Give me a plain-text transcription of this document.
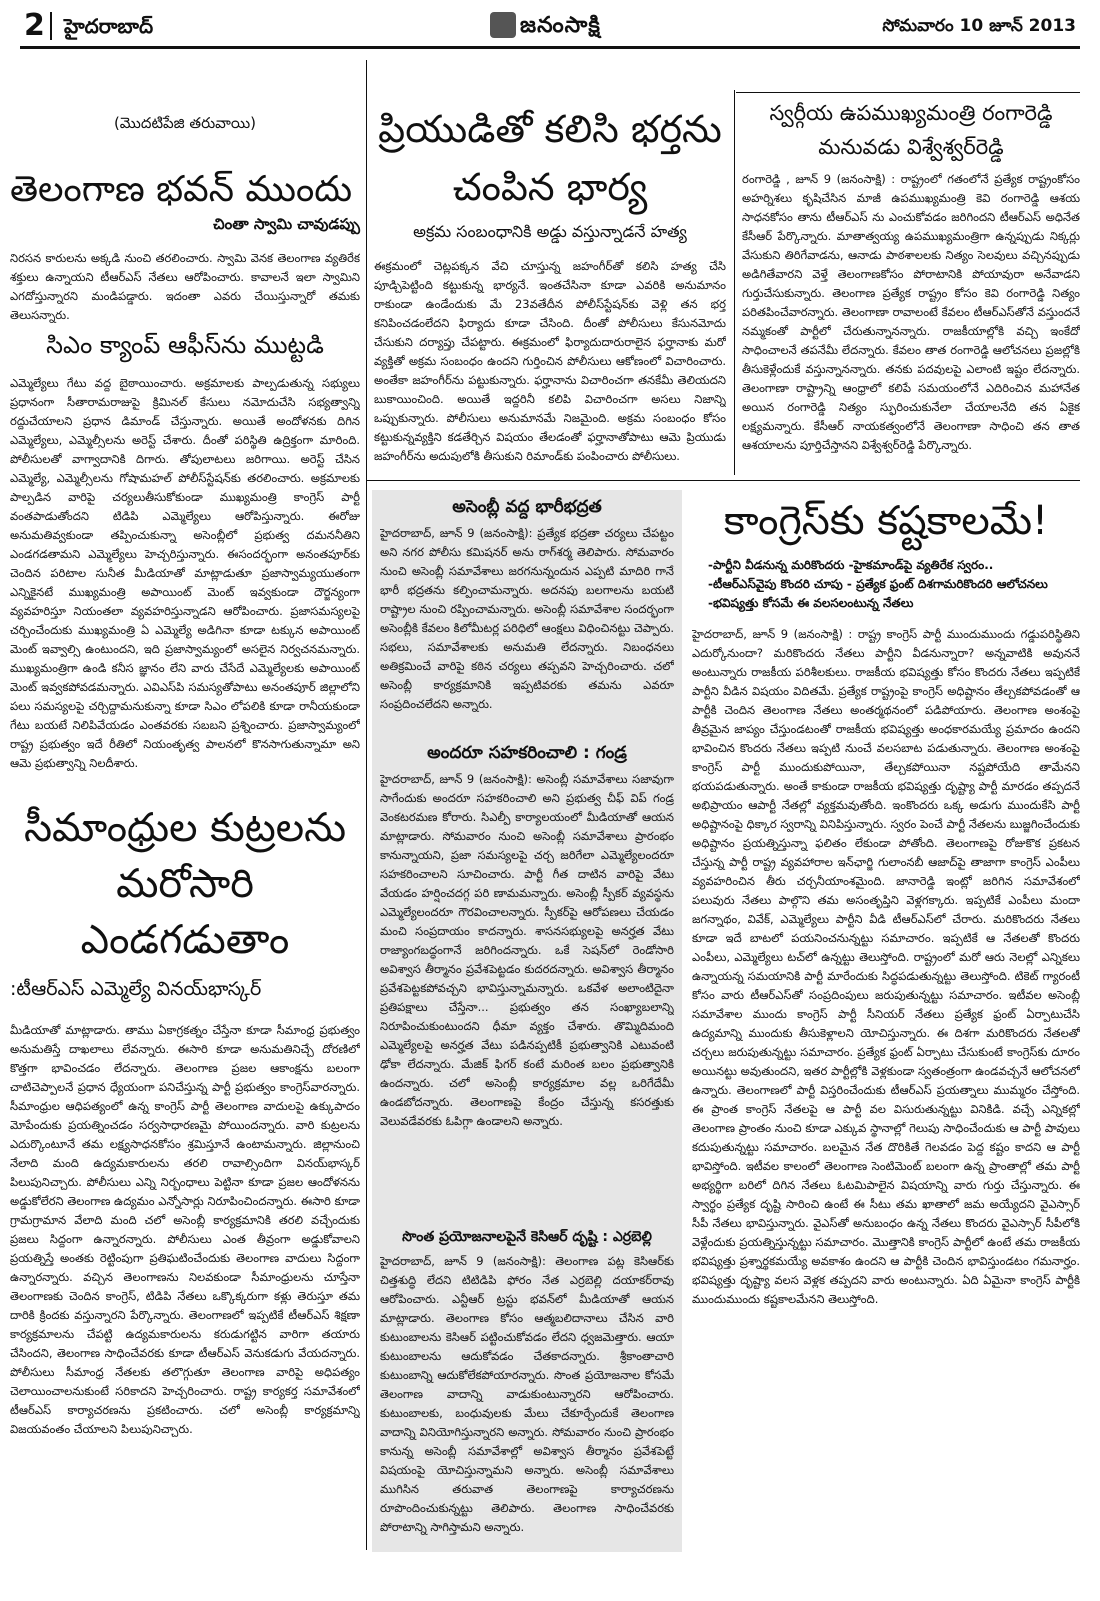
2 హైదరాబాద్	జనంసాక్షి	సోమవారం 10 జూన్ 2013
(మొదటిపేజి తరువాయి)
తెలంగాణ భవన్ ముందు
చింతా స్వామి చావుడప్పు

నిరసన కారులను అక్కడి నుంచి తరలించారు. స్వామి వెనక తెలంగాణ వ్యతిరేక శక్తులు ఉన్నాయని టీఆర్ఎస్ నేతలు ఆరోపించారు. కావాలనే ఇలా స్వామిని ఎగదోస్తున్నారని మండిపడ్డారు. ఇదంతా ఎవరు చేయిస్తున్నారో తమకు తెలుసన్నారు.

సిఎం క్యాంప్ ఆఫీస్‌ను ముట్టడి

ఎమ్మెల్యేలు గేటు వద్ద బైఠాయించారు. అక్రమాలకు పాల్పడుతున్న సభ్యులు ప్రధానంగా సీతారామరాజుపై క్రిమినల్ కేసులు నమోదుచేసి సభ్యత్వాన్ని రద్దుచేయాలని ప్రధాన డిమాండ్ చేస్తున్నారు. అయితే అందోళనకు దిగిన ఎమ్మెల్యేలు, ఎమ్మెల్సీలను అరెస్ట్ చేశారు. దీంతో పరిస్థితి ఉద్రిక్తంగా మారింది. పోలీసులతో వాగ్వాదానికి దిగారు. తోపులాటలు జరిగాయి. అరెస్ట్ చేసిన ఎమ్మెల్యే, ఎమ్మెల్సీలను గోషామహల్ పోలీస్‌స్టేషన్‌కు తరలించారు. అక్రమాలకు పాల్పడిన వారిపై చర్యలుతీసుకోకుండా ముఖ్యమంత్రి కాంగ్రెస్ పార్టీ వంతపాడుతోందని టిడిపి ఎమ్మెల్యేలు ఆరోపిస్తున్నారు. ఈరోజు అనుమతివ్వకుండా తప్పించుకున్నా అసెంబ్లీలో ప్రభుత్వ దమననీతిని ఎండగడతామని ఎమ్మెల్యేలు హెచ్చరిస్తున్నారు. ఈసందర్భంగా అనంతపూర్‌కు చెందిన పరిటాల సునీత మీడియాతో మాట్లాడుతూ ప్రజాస్వామ్యయుతంగా ఎన్నికైనటే ముఖ్యమంత్రి అపాయింట్ మెంట్ ఇవ్వకుండా దౌర్జన్యంగా వ్యవహరిస్తూ నియంతలా వ్యవహరిస్తున్నాడని ఆరోపించారు. ప్రజాసమస్యలపై చర్చించేందుకు ముఖ్యమంత్రి ఏ ఎమ్మెల్యే అడిగినా కూడా టక్కున అపాయింట్ మెంట్ ఇవ్వాల్సి ఉంటుందని, ఇది ప్రజాస్వామ్యంలో అసలైన నిర్వచనమన్నారు. ముఖ్యమంత్రిగా ఉండి కనీస జ్ఞానం లేని వారు చేసేదే ఎమ్మెల్యేలకు అపాయింట్ మెంట్ ఇవ్వకపోవడమన్నారు. ఎవిఎస్‌పి సమస్యతోపాటు అనంతపూర్ జిల్లాలోని పలు సమస్యలపై చర్చిద్దామనుకున్నా కూడా సిఎం లోపలికి కూడా రానీయకుండా గేటు బయటే నిలిపివేయడం ఎంతవరకు సబబని ప్రశ్నించారు. ప్రజాస్వామ్యంలో రాష్ట్ర ప్రభుత్వం ఇదే రీతిలో నియంతృత్వ పాలనలో కొనసాగుతున్నామా అని ఆమె ప్రభుత్వాన్ని నిలదీశారు.

సీమాంధ్రుల కుట్రలను మరోసారి ఎండగడుతాం
:టీఆర్ఎస్ ఎమ్మెల్యే వినయ్‌భాస్కర్

మీడియాతో మాట్లాడారు. తాము ఏకాగ్రకత్నం చేస్తేనా కూడా సీమాంధ్ర ప్రభుత్వం అనుమతిస్తే దాఖలాలు లేవన్నారు. ఈసారి కూడా అనుమతినిచ్చే దోరణిలో కొత్తగా భావించడం లేదన్నారు. తెలంగాణ ప్రజల ఆకాంక్షను బలంగా చాటిచెప్పాలనే ప్రధాన ధ్యేయంగా పనిచేస్తున్న పార్టీ ప్రభుత్వం కాంగ్రెస్‌వారన్నారు. సీమాంధ్రుల ఆధిపత్యంలో ఉన్న కాంగ్రెస్ పార్టీ తెలంగాణ వాదులపై ఉక్కుపాదం మోపేందుకు ప్రయత్నించడం సర్వసాధారణమై పోయిందన్నారు. వారి కుట్రలను ఎదుర్కొంటూనే తమ లక్ష్యసాధనకోసం శ్రమిస్తూనే ఉంటామన్నారు. జిల్లానుంచి నేలాది మంది ఉద్యమకారులను తరలి రావాల్సిందిగా వినయ్‌భాస్కర్ పిలుపునిచ్చారు. పోలీసులు ఎన్ని నిర్బంధాలు పెట్టినా కూడా ప్రజల ఆందోళనను అడ్డుకోలేరని తెలంగాణ ఉద్యమం ఎన్నోసార్లు నిరూపించిందన్నారు. ఈసారి కూడా గ్రామగ్రామాన వేలాది మంది చలో అసెంబ్లీ కార్యక్రమానికి తరలి వచ్చేందుకు ప్రజలు సిద్దంగా ఉన్నారన్నారు. పోలీసులు ఎంత తీవ్రంగా అడ్డుకోవాలని ప్రయత్నిస్తే అంతకు రెట్టింపుగా ప్రతిఘటించేందుకు తెలంగాణ వాదులు సిద్దంగా ఉన్నారన్నారు. వచ్చిన తెలంగాణను నిలవకుండా సీమాంధ్రులను చూస్తేనా తెలంగాణకు చెందిన కాంగ్రెస్, టిడిపి నేతలు ఒక్కొక్కరుగా కళ్లు తెరుస్తూ తమ దారికి క్రిందకు వస్తున్నారని పేర్కొన్నారు. తెలంగాణలో ఇప్పటికే టీఆర్ఎస్ శిక్షణా కార్యక్రమాలను చేపట్టి ఉద్యమకారులను కరుడుగట్టిన వారిగా తయారు చేసిందని, తెలంగాణ సాధించేవరకు కూడా టీఆర్ఎస్ వెనుకడుగు వేయదన్నారు. పోలీసులు సీమాంధ్ర నేతలకు తలొగ్గుతూ తెలంగాణ వారిపై అధిపత్యం చెలాయించాలనుకుంటే సరికాదని హెచ్చరించారు. రాష్ట్ర కార్యకర్త సమావేశంలో టీఆర్ఎస్ కార్యాచరణను ప్రకటించారు. చలో అసెంబ్లీ కార్యక్రమాన్ని విజయవంతం చేయాలని పిలుపునిచ్చారు.

ప్రియుడితో కలిసి భర్తను చంపిన భార్య
అక్రమ సంబంధానికి అడ్డు వస్తున్నాడనే హత్య

ఈక్రమంలో చెట్లపక్కన వేచి చూస్తున్న జహంగీర్‌తో కలిసి హత్య చేసి పూడ్చిపెట్టింది కట్టుకున్న భార్యనే. ఇంతచేసినా కూడా ఎవరికి అనుమానం రాకుండా ఉండేందుకు మే 23వతేదీన పోలీస్‌స్టేషన్‌కు వెళ్లి తన భర్త కనిపించడంలేదని ఫిర్యాదు కూడా చేసింది. దీంతో పోలీసులు కేసునమోదు చేసుకుని దర్యాప్తు చేపట్టారు. ఈక్రమంలో ఫిర్యాదుదారురాలైన ఫర్హానాకు మరో వ్యక్తితో అక్రమ సంబంధం ఉందని గుర్తించిన పోలీసులు ఆకోణంలో విచారించారు. అంతేకా జహంగీర్‌ను పట్టుకున్నారు. ఫర్హానాను విచారించగా తనకేమీ తెలియదని బుకాయించింది. అయితే ఇద్దరినీ కలిపి విచారించగా అసలు నిజాన్ని ఒప్పుకున్నారు. పోలీసులు అనుమానమే నిజమైంది. అక్రమ సంబంధం కోసం కట్టుకున్నవ్యక్తిని కడతేర్చిన విషయం తేలడంతో ఫర్హానాతోపాటు ఆమె ప్రియుడు జహంగీర్‌ను అదుపులోకి తీసుకుని రిమాండ్‌కు పంపించారు పోలీసులు.

స్వర్గీయ ఉపముఖ్యమంత్రి రంగారెడ్డి మనువడు విశ్వేశ్వర్‌రెడ్డి

రంగారెడ్డి , జూన్ 9 (జనంసాక్షి) : రాష్ట్రంలో గతంలోనే ప్రత్యేక రాష్ట్రంకోసం అహర్నిశలు కృషిచేసిన మాజీ ఉపముఖ్యమంత్రి కెవి రంగారెడ్డి ఆశయ సాధనకోసం తాను టీఆర్ఎస్ ను ఎంచుకోవడం జరిగిందని టీఆర్ఎస్ అధినేత కేసీఆర్ పేర్కొన్నారు. మాతాత్వయ్య ఉపముఖ్యమంత్రిగా ఉన్నప్పుడు నిక్కర్లు వేసుకుని తిరిగేవాడను, ఆనాడు పాఠశాలలకు నిత్యం సెలవులు వచ్చినప్పుడు అడిగితేవారని వెళ్తే తెలంగాణకోసం పోరాటానికి పోయావురా అనేవాడని గుర్తుచేసుకున్నారు. తెలంగాణ ప్రత్యేక రాష్ట్రం కోసం కెవి రంగారెడ్డి నిత్యం పరితపించేవారన్నారు. తెలంగాణా రావాలంటే కేవలం టీఆర్ఎస్‌తోనే వస్తుందనే నమ్మకంతో పార్టీలో చేరుతున్నానన్నారు. రాజకీయాల్లోకి వచ్చి ఇంకేదో సాధించాలనే తపనేమీ లేదన్నారు. కేవలం తాత రంగారెడ్డి ఆలోచనలు ప్రజల్లోకి తీసుకెళ్లేందుకే వస్తున్నానన్నారు. తనకు పదవులపై ఎలాంటి ఇష్టం లేదన్నారు. తెలంగాణా రాష్ట్రాన్ని ఆంధ్రాలో కలిపే సమయంలోనే ఎదిరించిన మహానేత అయిన రంగారెడ్డి నిత్యం స్ఫురించుకునేలా చేయాలనేది తన ఏకైక లక్ష్యమన్నారు. కేసీఆర్ నాయకత్వంలోనే తెలంగాణా సాధించి తన తాత ఆశయాలను పూర్తిచేస్తానని విశ్వేశ్వర్‌రెడ్డి పేర్కొన్నారు.

అసెంబ్లీ వద్ద భారీభద్రత

హైదరాబాద్, జూన్ 9 (జనంసాక్షి): ప్రత్యేక భద్రతా చర్యలు చేపట్టం అని నగర పోలీసు కమిషనర్ అను రాగ్‌శర్మ తెలిపారు. సోమవారం నుంచి అసెంబ్లీ సమావేశాలు జరగనున్నందున ఎప్పటి మాదిరి గానే భారీ భద్రతను కల్పించామన్నారు. అదనపు బలగాలను బయటి రాష్ట్రాల నుంచి రప్పించామన్నారు. అసెంబ్లీ సమావేశాల సందర్భంగా అసెంబ్లీకి కేవలం కిలోమీటర్ల పరిధిలో ఆంక్షలు విధించినట్టు చెప్పారు. సభలు, సమావేశాలకు అనుమతి లేదన్నారు. నిబంధనలు అతిక్రమించే వారిపై కఠిన చర్యలు తప్పవని హెచ్చరించారు. చలో అసెంబ్లీ కార్యక్రమానికి ఇప్పటివరకు తమను ఎవరూ సంప్రదించలేదని అన్నారు.

అందరూ సహకరించాలి : గండ్ర

హైదరాబాద్, జూన్ 9 (జనంసాక్షి): అసెంబ్లీ సమావేశాలు సజావుగా సాగేందుకు అందరూ సహకరించాలి అని ప్రభుత్వ చీఫ్ విప్ గండ్ర వెంకటరమణ కోరారు. సిఎల్పీ కార్యాలయంలో మీడియాతో ఆయన మాట్లాడారు. సోమవారం నుంచి అసెంబ్లీ సమావేశాలు ప్రారంభం కానున్నాయని, ప్రజా సమస్యలపై చర్చ జరిగేలా ఎమ్మెల్యేలందరూ సహకరించాలని సూచించారు. పార్టీ గీత దాటిన వారిపై వేటు వేయడం హర్షించదగ్గ పరి ణామమన్నారు. అసెంబ్లీ స్పీకర్ వ్యవస్థను ఎమ్మెల్యేలందరూ గౌరవించాలన్నారు. స్పీకర్‌పై ఆరోపణలు చేయడం మంచి సంప్రదాయం కాదన్నారు. శాసనసభ్యులపై అనర్హత వేటు రాజ్యాంగబద్ధంగానే జరిగిందన్నారు. ఒకే సెషన్‌లో రెండోసారి అవిశ్వాస తీర్మానం ప్రవేశపెట్టడం కుదరదన్నారు. అవిశ్వాస తీర్మానం ప్రవేశపెట్టకపోవచ్చని భావిస్తున్నామన్నారు. ఒకవేళ అలాంటిదైనా ప్రతిపక్షాలు చేస్తేనా... ప్రభుత్వం తన సంఖ్యాబలాన్ని నిరూపించుకుంటుందని ధీమా వ్యక్తం చేశారు. తొమ్మిదిమంది ఎమ్మెల్యేలపై అనర్హత వేటు పడినప్పటికీ ప్రభుత్వానికి ఎటువంటి ఢోకా లేదన్నారు. మేజిక్ ఫిగర్ కంటే మరింత బలం ప్రభుత్వానికి ఉందన్నారు. చలో అసెంబ్లీ కార్యక్రమాల వల్ల ఒరిగేదేమీ ఉండబోదన్నారు. తెలంగాణపై కేంద్రం చేస్తున్న కసరత్తుకు వెలువడేవరకు ఓపిగ్గా ఉండాలని అన్నారు.

సొంత ప్రయోజనాలపైనే కెసిఆర్ దృష్టి : ఎర్రబెల్లి

హైదరాబాద్, జూన్ 9 (జనంసాక్షి): తెలంగాణ పట్ల కెసిఆర్‌కు చిత్తశుద్ధి లేదని టిటిడిపి ఫోరం నేత ఎర్రబెల్లి దయాకర్‌రావు ఆరోపించారు. ఎన్టీఆర్ ట్రస్టు భవన్‌లో మీడియాతో ఆయన మాట్లాడారు. తెలంగాణ కోసం ఆత్మబలిదానాలు చేసిన వారి కుటుంబాలను కెసిఆర్ పట్టించుకోవడం లేదని ధ్వజమెత్తారు. ఆయా కుటుంబాలను ఆదుకోవడం చేతకాదన్నారు. శ్రీకాంతాచారి కుటుంబాన్ని ఆదుకోలేకపోయారన్నారు. సొంత ప్రయోజనాల కోసమే తెలంగాణ వాదాన్ని వాడుకుంటున్నారని ఆరోపించారు. కుటుంబాలకు, బంధువులకు మేలు చేకూర్చేందుకే తెలంగాణ వాదాన్ని వినియోగిస్తున్నారని అన్నారు. సోమవారం నుంచి ప్రారంభం కానున్న అసెంబ్లీ సమావేశాల్లో అవిశ్వాస తీర్మానం ప్రవేశపెట్టే విషయంపై యోచిస్తున్నామని అన్నారు. అసెంబ్లీ సమావేశాలు ముగిసిన తరువాత తెలంగాణపై కార్యాచరణను రూపొందించుకున్నట్టు తెలిపారు. తెలంగాణ సాధించేవరకు పోరాటాన్ని సాగిస్తామని అన్నారు.

కాంగ్రెస్‌కు కష్టకాలమే!
-పార్టీని వీడనున్న మరికొందరు -హైకమాండ్‌పై వ్యతిరేక స్వరం..
-టీఆర్ఎస్‌వైపు కొందరి చూపు - ప్రత్యేక ఫ్రంట్ దిశగామరికొందరి ఆలోచనలు
-భవిష్యత్తు కోసమే ఈ వలసలంటున్న నేతలు

హైదరాబాద్, జూన్ 9 (జనంసాక్షి) : రాష్ట్ర కాంగ్రెస్ పార్టీ ముందుముందు గడ్డుపరిస్థితిని ఎదుర్కోనుందా? మరికొందరు నేతలు పార్టీని వీడనున్నారా? అన్నవాటికి అవుననే అంటున్నారు రాజకీయ పరిశీలకులు. రాజకీయ భవిష్యత్తు కోసం కొందరు నేతలు ఇప్పటికే పార్టీని వీడిన విషయం విదితమే. ప్రత్యేక రాష్ట్రంపై కాంగ్రెస్ అధిష్టానం తేల్చకపోవడంతో ఆ పార్టీకి చెందిన తెలంగాణ నేతలు అంతర్మథనంలో పడిపోయారు. తెలంగాణ అంశంపై తీవ్రమైన జాప్యం చేస్తుండటంతో రాజకీయ భవిష్యత్తు అంధకారమయ్యే ప్రమాదం ఉందని భావించిన కొందరు నేతలు ఇప్పటి నుంచే వలసబాట పడుతున్నారు. తెలంగాణ అంశంపై కాంగ్రెస్ పార్టీ ముందుకుపోయినా, తేల్చకపోయినా నష్టపోయేది తామేనని భయపడుతున్నారు. అంతే కాకుండా రాజకీయ భవిష్యత్తు దృష్ట్యా పార్టీ మారడం తప్పదనే అభిప్రాయం ఆపార్టీ నేతల్లో వ్యక్తమవుతోంది. ఇంకొందరు ఒక్క అడుగు ముందుకేసి పార్టీ అధిష్టానంపై ధిక్కార స్వరాన్ని వినిపిస్తున్నారు. స్వరం పెంచే పార్టీ నేతలను బుజ్జగించేందుకు అధిష్టానం ప్రయత్నిస్తున్నా ఫలితం లేకుండా పోతోంది. తెలంగాణపై రోజుకొక ప్రకటన చేస్తున్న పార్టీ రాష్ట్ర వ్యవహారాల ఇన్‌ఛార్జి గులాంనబీ ఆజాద్‌పై తాజాగా కాంగ్రెస్ ఎంపీలు వ్యవహరించిన తీరు చర్చనీయాంశమైంది. జానారెడ్డి ఇంట్లో జరిగిన సమావేశంలో పలువురు నేతలు పాల్గొని తమ అసంతృప్తిని వెళ్లగక్కారు. ఇప్పటికే ఎంపీలు మందా జగన్నాథం, వివేక్, ఎమ్మెల్యేలు పార్టీని వీడి టీఆర్ఎస్‌లో చేరారు. మరికొందరు నేతలు కూడా ఇదే బాటలో పయనించనున్నట్టు సమాచారం. ఇప్పటికే ఆ నేతలతో కొందరు ఎంపీలు, ఎమ్మెల్యేలు టచ్‌లో ఉన్నట్టు తెలుస్తోంది. రాష్ట్రంలో మరో ఆరు నెలల్లో ఎన్నికలు ఉన్నాయన్న సమయానికి పార్టీ మారేందుకు సిద్ధపడుతున్నట్టు తెలుస్తోంది. టికెట్ గ్యారంటీ కోసం వారు టీఆర్ఎస్‌తో సంప్రదింపులు జరుపుతున్నట్టు సమాచారం. ఇటీవల అసెంబ్లీ సమావేశాల ముందు కాంగ్రెస్ పార్టీ సీనియర్ నేతలు ప్రత్యేక ఫ్రంట్ ఏర్పాటుచేసి ఉద్యమాన్ని ముందుకు తీసుకెళ్లాలని యోచిస్తున్నారు. ఈ దిశగా మరికొందరు నేతలతో చర్చలు జరుపుతున్నట్టు సమాచారం. ప్రత్యేక ఫ్రంట్ ఏర్పాటు చేసుకుంటే కాంగ్రెస్‌కు దూరం అయినట్టు అవుతుందని, ఇతర పార్టీల్లోకి వెళ్లకుండా స్వతంత్రంగా ఉండవచ్చనే ఆలోచనలో ఉన్నారు. తెలంగాణలో పార్టీ విస్తరించేందుకు టీఆర్ఎస్ ప్రయత్నాలు ముమ్మరం చేస్తోంది. ఈ ప్రాంత కాంగ్రెస్ నేతలపై ఆ పార్టీ వల విసురుతున్నట్టు వినికిడి. వచ్చే ఎన్నికల్లో తెలంగాణ ప్రాంతం నుంచి కూడా ఎక్కువ స్థానాల్లో గెలుపు సాధించేందుకు ఆ పార్టీ పావులు కదుపుతున్నట్టు సమాచారం. బలమైన నేత దొరికితే గెలవడం పెద్ద కష్టం కాదని ఆ పార్టీ భావిస్తోంది. ఇటీవల కాలంలో తెలంగాణ సెంటిమెంట్ బలంగా ఉన్న ప్రాంతాల్లో తమ పార్టీ అభ్యర్థిగా బరిలో దిగిన నేతలు ఓటమిపాలైన విషయాన్ని వారు గుర్తు చేస్తున్నారు. ఈ స్వార్థం ప్రత్యేక దృష్టి సారించి ఉంటే ఈ సీటు తమ ఖాతాలో జమ అయ్యేదని వైఎస్సార్ సీపీ నేతలు భావిస్తున్నారు. వైఎస్‌తో అనుబంధం ఉన్న నేతలు కొందరు వైఎస్సార్ సీపీలోకి వెళ్లేందుకు ప్రయత్నిస్తున్నట్టు సమాచారం. మొత్తానికి కాంగ్రెస్ పార్టీలో ఉంటే తమ రాజకీయ భవిష్యత్తు ప్రశ్నార్థకమయ్యే అవకాశం ఉందని ఆ పార్టీకి చెందిన భావిస్తుండటం గమనార్హం. భవిష్యత్తు దృష్ట్యా వలస వెళ్లక తప్పదని వారు అంటున్నారు. ఏది ఏమైనా కాంగ్రెస్ పార్టీకి ముందుముందు కష్టకాలమేనని తెలుస్తోంది.
